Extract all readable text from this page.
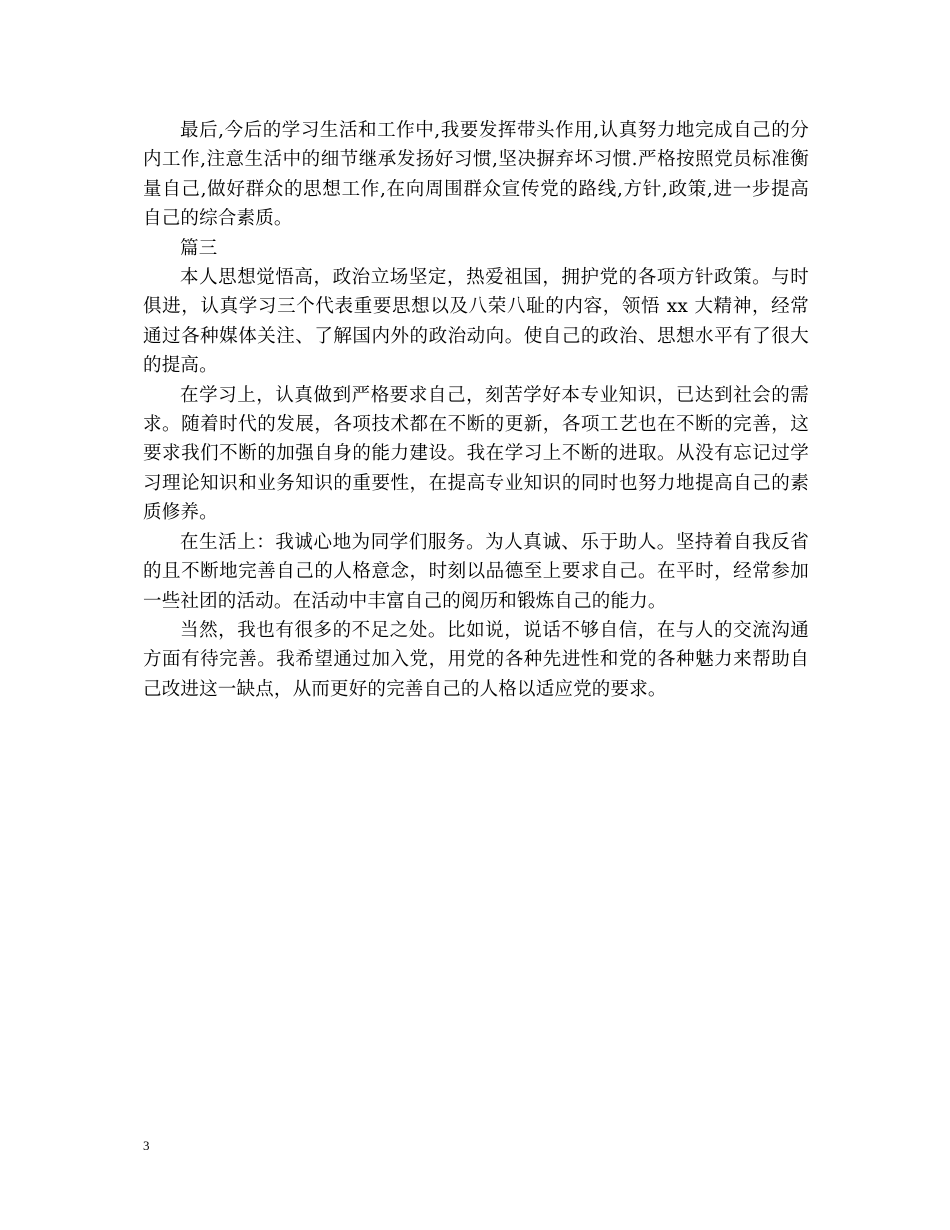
最后,今后的学习生活和工作中,我要发挥带头作用,认真努力地完成自己的分内工作,注意生活中的细节继承发扬好习惯,坚决摒弃坏习惯.严格按照党员标准衡量自己,做好群众的思想工作,在向周围群众宣传党的路线,方针,政策,进一步提高自己的综合素质。

篇三

本人思想觉悟高，政治立场坚定，热爱祖国，拥护党的各项方针政策。与时俱进，认真学习三个代表重要思想以及八荣八耻的内容，领悟 xx 大精神，经常通过各种媒体关注、了解国内外的政治动向。使自己的政治、思想水平有了很大的提高。

在学习上，认真做到严格要求自己，刻苦学好本专业知识，已达到社会的需求。随着时代的发展，各项技术都在不断的更新，各项工艺也在不断的完善，这要求我们不断的加强自身的能力建设。我在学习上不断的进取。从没有忘记过学习理论知识和业务知识的重要性，在提高专业知识的同时也努力地提高自己的素质修养。

在生活上：我诚心地为同学们服务。为人真诚、乐于助人。坚持着自我反省的且不断地完善自己的人格意念，时刻以品德至上要求自己。在平时，经常参加一些社团的活动。在活动中丰富自己的阅历和锻炼自己的能力。

当然，我也有很多的不足之处。比如说，说话不够自信，在与人的交流沟通方面有待完善。我希望通过加入党，用党的各种先进性和党的各种魅力来帮助自己改进这一缺点，从而更好的完善自己的人格以适应党的要求。

3
